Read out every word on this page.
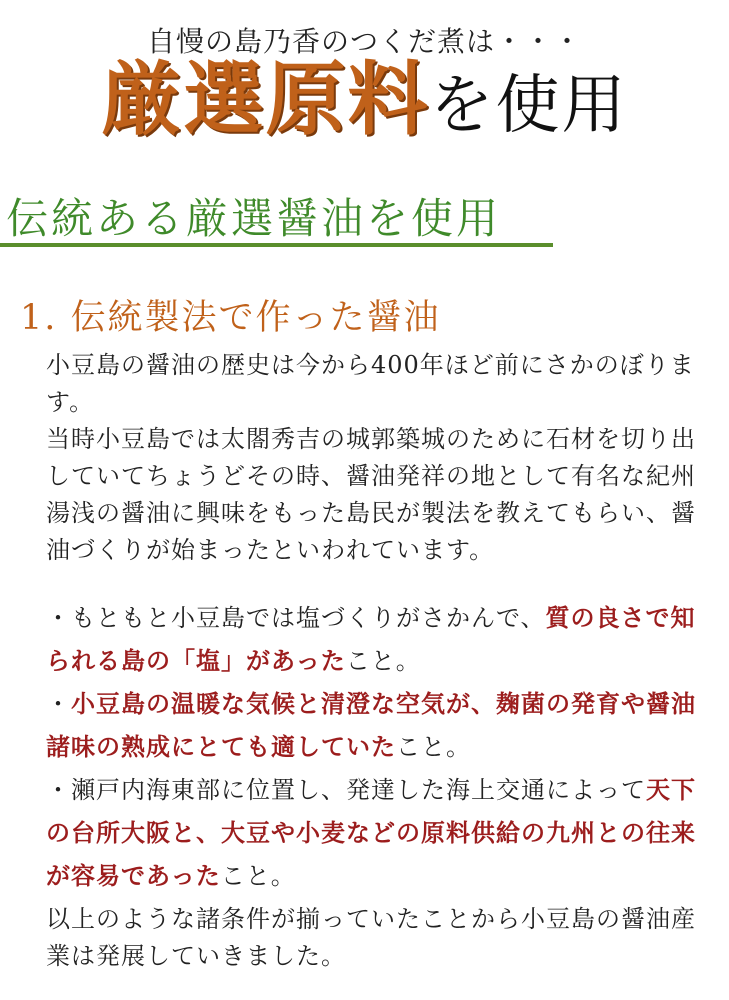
自慢の島乃香のつくだ煮は・・・
厳選原料を使用
伝統ある厳選醤油を使用
1. 伝統製法で作った醤油

小豆島の醤油の歴史は今から400年ほど前にさかのぼります。

当時小豆島では太閤秀吉の城郭築城のために石材を切り出していてちょうどその時、醤油発祥の地として有名な紀州湯浅の醤油に興味をもった島民が製法を教えてもらい、醤油づくりが始まったといわれています。

・もともと小豆島では塩づくりがさかんで、質の良さで知られる島の「塩」があったこと。

・小豆島の温暖な気候と清澄な空気が、麹菌の発育や醤油諸味の熟成にとても適していたこと。

・瀬戸内海東部に位置し、発達した海上交通によって天下の台所大阪と、大豆や小麦などの原料供給の九州との往来が容易であったこと。

以上のような諸条件が揃っていたことから小豆島の醤油産業は発展していきました。
